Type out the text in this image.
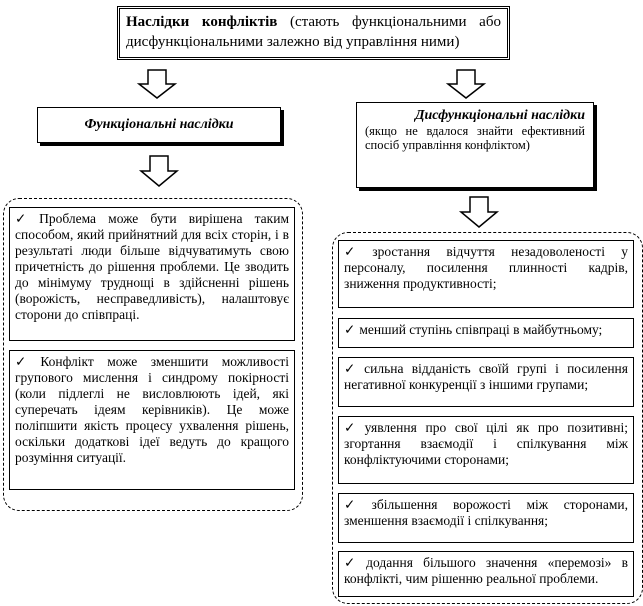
Наслідки конфліктів (стають функціональними або дисфункціональними залежно від управління ними)
Функціональні наслідки
Дисфункціональні наслідки
(якщо не вдалося знайти ефективний спосіб управління конфліктом)
✓ Проблема може бути вирішена таким способом, який прийнятний для всіх сторін, і в результаті люди більше відчуватимуть свою причетність до рішення проблеми. Це зводить до мінімуму труднощі в здійсненні рішень (ворожість, несправедливість), налаштовує сторони до співпраці.
✓ Конфлікт може зменшити можливості групового мислення і синдрому покірності (коли підлеглі не висловлюють ідей, які суперечать ідеям керівників). Це може поліпшити якість процесу ухвалення рішень, оскільки додаткові ідеї ведуть до кращого розуміння ситуації.
✓ зростання відчуття незадоволеності у персоналу, посилення плинності кадрів, зниження продуктивності;
✓ менший ступінь співпраці в майбутньому;
✓ сильна відданість своїй групі і посилення негативної конкуренції з іншими групами;
✓ уявлення про свої цілі як про позитивні; згортання взаємодії і спілкування між конфліктуючими сторонами;
✓ збільшення ворожості між сторонами, зменшення взаємодії і спілкування;
✓ додання більшого значення «перемозі» в конфлікті, чим рішенню реальної проблеми.
